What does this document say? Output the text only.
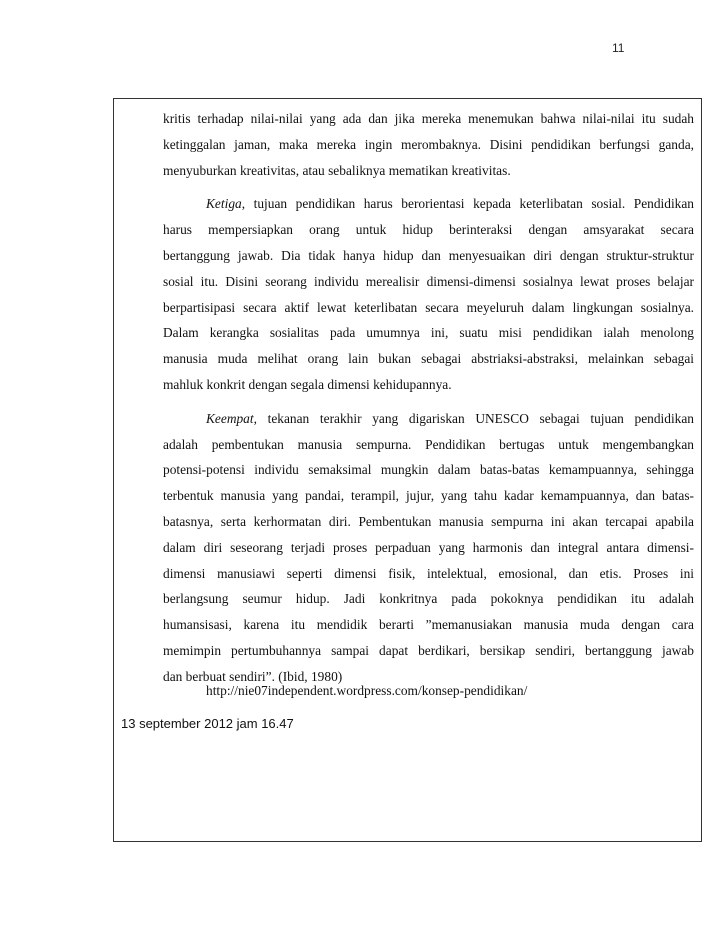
11

kritis terhadap nilai-nilai yang ada dan jika mereka menemukan bahwa nilai-nilai itu sudah
ketinggalan jaman, maka mereka ingin merombaknya. Disini pendidikan berfungsi ganda,
menyuburkan kreativitas, atau sebaliknya mematikan kreativitas.

Ketiga, tujuan pendidikan harus berorientasi kepada keterlibatan sosial. Pendidikan
harus mempersiapkan orang untuk hidup berinteraksi dengan amsyarakat secara
bertanggung jawab. Dia tidak hanya hidup dan menyesuaikan diri dengan struktur-struktur
sosial itu. Disini seorang individu merealisir dimensi-dimensi sosialnya lewat proses belajar
berpartisipasi secara aktif lewat keterlibatan secara meyeluruh dalam lingkungan sosialnya.
Dalam kerangka sosialitas pada umumnya ini, suatu misi pendidikan ialah menolong
manusia muda melihat orang lain bukan sebagai abstriaksi-abstraksi, melainkan sebagai
mahluk konkrit dengan segala dimensi kehidupannya.

Keempat, tekanan terakhir yang digariskan UNESCO sebagai tujuan pendidikan
adalah pembentukan manusia sempurna. Pendidikan bertugas untuk mengembangkan
potensi-potensi individu semaksimal mungkin dalam batas-batas kemampuannya, sehingga
terbentuk manusia yang pandai, terampil, jujur, yang tahu kadar kemampuannya, dan batas-
batasnya, serta kerhormatan diri. Pembentukan manusia sempurna ini akan tercapai apabila
dalam diri seseorang terjadi proses perpaduan yang harmonis dan integral antara dimensi-
dimensi manusiawi seperti dimensi fisik, intelektual, emosional, dan etis. Proses ini
berlangsung seumur hidup. Jadi konkritnya pada pokoknya pendidikan itu adalah
humansisasi, karena itu mendidik berarti ”memanusiakan manusia muda dengan cara
memimpin pertumbuhannya sampai dapat berdikari, bersikap sendiri, bertanggung jawab
dan berbuat sendiri”. (Ibid, 1980)

http://nie07independent.wordpress.com/konsep-pendidikan/
13 september 2012 jam 16.47
